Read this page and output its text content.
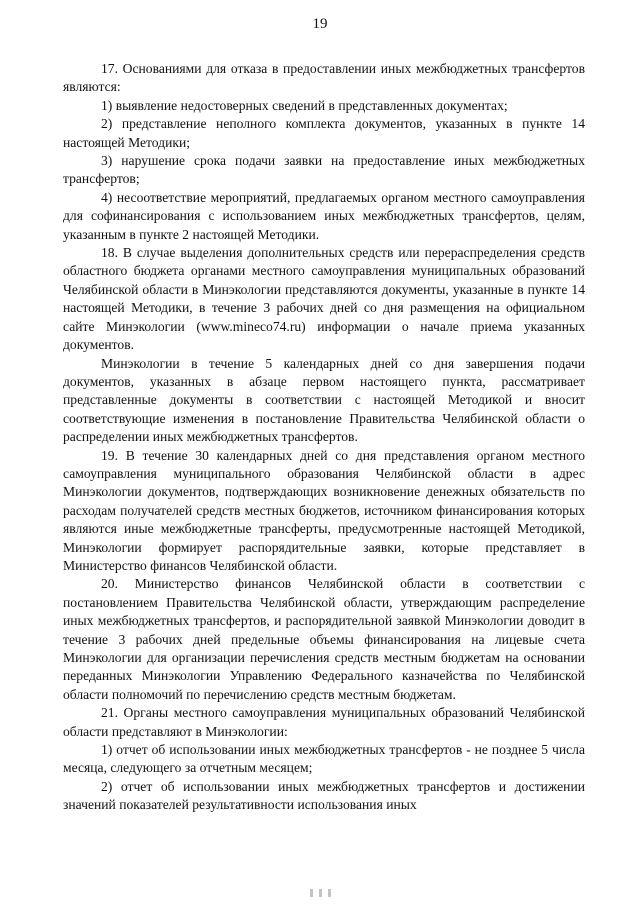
19

17. Основаниями для отказа в предоставлении иных межбюджетных трансфертов являются:

1) выявление недостоверных сведений в представленных документах;

2) представление неполного комплекта документов, указанных в пункте 14 настоящей Методики;

3) нарушение срока подачи заявки на предоставление иных межбюджетных трансфертов;

4) несоответствие мероприятий, предлагаемых органом местного самоуправления для софинансирования с использованием иных межбюджетных трансфертов, целям, указанным в пункте 2 настоящей Методики.

18. В случае выделения дополнительных средств или перераспределения средств областного бюджета органами местного самоуправления муниципальных образований Челябинской области в Минэкологии представляются документы, указанные в пункте 14 настоящей Методики, в течение 3 рабочих дней со дня размещения на официальном сайте Минэкологии (www.mineco74.ru) информации о начале приема указанных документов.

Минэкологии в течение 5 календарных дней со дня завершения подачи документов, указанных в абзаце первом настоящего пункта, рассматривает представленные документы в соответствии с настоящей Методикой и вносит соответствующие изменения в постановление Правительства Челябинской области о распределении иных межбюджетных трансфертов.

19. В течение 30 календарных дней со дня представления органом местного самоуправления муниципального образования Челябинской области в адрес Минэкологии документов, подтверждающих возникновение денежных обязательств по расходам получателей средств местных бюджетов, источником финансирования которых являются иные межбюджетные трансферты, предусмотренные настоящей Методикой, Минэкологии формирует распорядительные заявки, которые представляет в Министерство финансов Челябинской области.

20. Министерство финансов Челябинской области в соответствии с постановлением Правительства Челябинской области, утверждающим распределение иных межбюджетных трансфертов, и распорядительной заявкой Минэкологии доводит в течение 3 рабочих дней предельные объемы финансирования на лицевые счета Минэкологии для организации перечисления средств местным бюджетам на основании переданных Минэкологии Управлению Федерального казначейства по Челябинской области полномочий по перечислению средств местным бюджетам.

21. Органы местного самоуправления муниципальных образований Челябинской области представляют в Минэкологии:

1) отчет об использовании иных межбюджетных трансфертов - не позднее 5 числа месяца, следующего за отчетным месяцем;

2) отчет об использовании иных межбюджетных трансфертов и достижении значений показателей результативности использования иных
